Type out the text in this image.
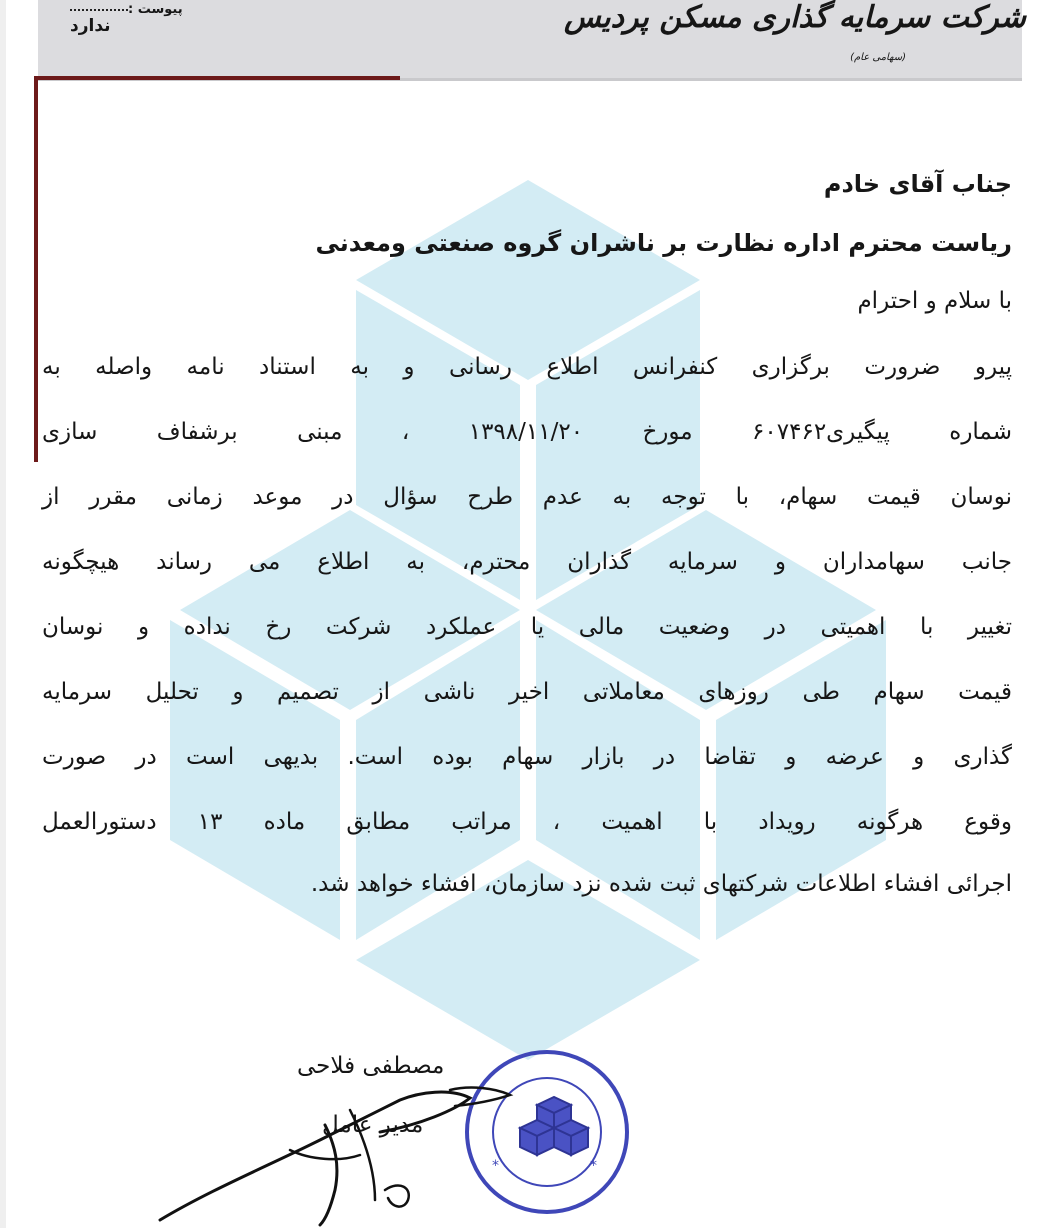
پیوست :
ندارد	شرکت سرمایه گذاری مسکن پردیس
(سهامی عام)
جناب آقای خادم
ریاست محترم اداره نظارت بر ناشران گروه صنعتی ومعدنی
با سلام و احترام
پیرو ضرورت برگزاری کنفرانس اطلاع رسانی و به استناد نامه واصله به
شماره پیگیری۶۰۷۴۶۲ مورخ ۱۳۹۸/۱۱/۲۰ ، مبنی برشفاف سازی
نوسان قیمت سهام، با توجه به عدم طرح سؤال در موعد زمانی مقرر از
جانب سهامداران و سرمایه گذاران محترم، به اطلاع می رساند هیچگونه
تغییر با اهمیتی در وضعیت مالی یا عملکرد شرکت رخ نداده و نوسان
قیمت سهام طی روزهای معاملاتی اخیر ناشی از تصمیم و تحلیل سرمایه
گذاری و عرضه و تقاضا در بازار سهام بوده است. بدیهی است در صورت
وقوع هرگونه رویداد با اهمیت ، مراتب مطابق ماده ۱۳ دستورالعمل
اجرائی افشاء اطلاعات شرکتهای ثبت شده نزد سازمان، افشاء خواهد شد.
*	*
مصطفی فلاحی
مدیر عامل
